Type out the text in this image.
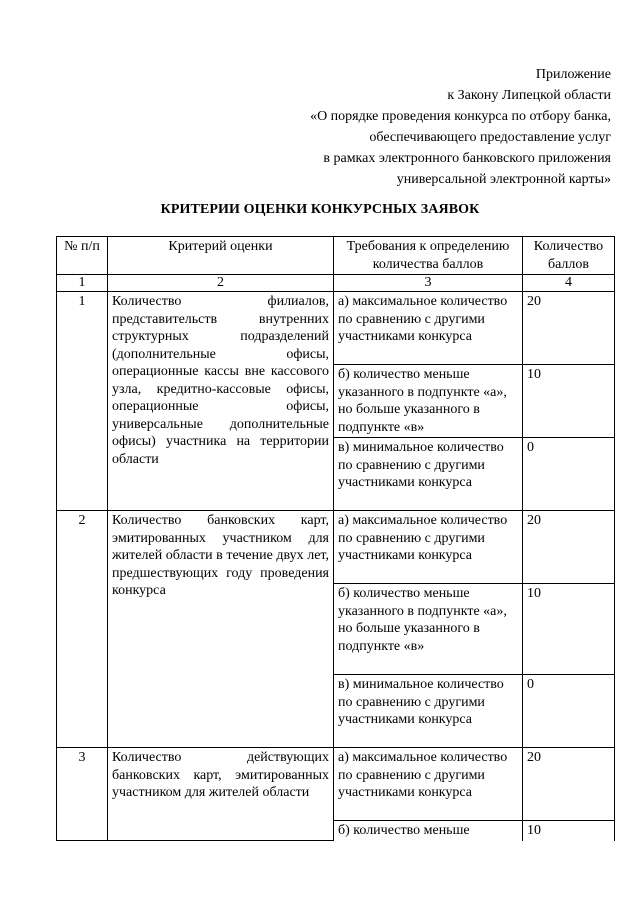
Приложение
к Закону Липецкой области
«О порядке проведения конкурса по отбору банка,
обеспечивающего предоставление услуг
в рамках электронного банковского приложения
универсальной электронной карты»
КРИТЕРИИ ОЦЕНКИ КОНКУРСНЫХ ЗАЯВОК
№ п/п	Критерий оценки	Требования к определению количества баллов	Количество баллов
1	2	3	4
1	Количество филиалов, представительств внутренних структурных подразделений (дополнительные офисы, операционные кассы вне кассового узла, кредитно-кассовые офисы, операционные офисы, универсальные дополнительные офисы) участника на территории области	а) максимальное количество по сравнению с другими участниками конкурса	20
		б) количество меньше указанного в подпункте «а», но больше указанного в подпункте «в»	10
		в) минимальное количество по сравнению с другими участниками конкурса	0
2	Количество банковских карт, эмитированных участником для жителей области в течение двух лет, предшествующих году проведения конкурса	а) максимальное количество по сравнению с другими участниками конкурса	20
		б) количество меньше указанного в подпункте «а», но больше указанного в подпункте «в»	10
		в) минимальное количество по сравнению с другими участниками конкурса	0
3	Количество действующих банковских карт, эмитированных участником для жителей области	а) максимальное количество по сравнению с другими участниками конкурса	20
		б) количество меньше	10
